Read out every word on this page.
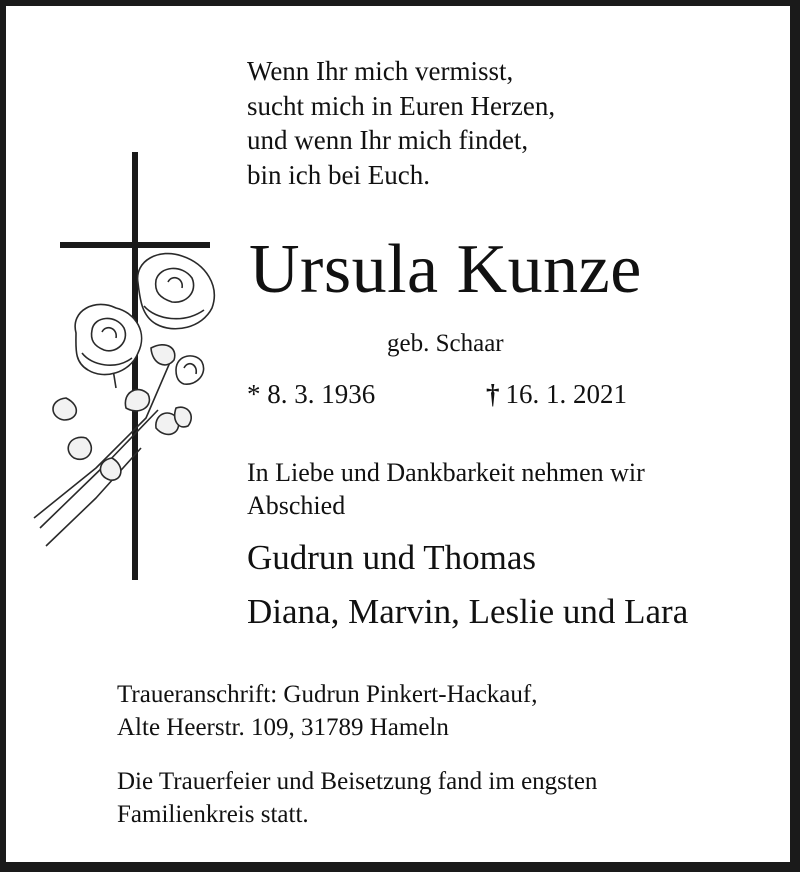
Wenn Ihr mich vermisst,
sucht mich in Euren Herzen,
und wenn Ihr mich findet,
bin ich bei Euch.
Ursula Kunze
geb. Schaar
* 8. 3. 1936	† 16. 1. 2021
In Liebe und Dankbarkeit nehmen wir
Abschied
Gudrun und Thomas
Diana, Marvin, Leslie und Lara
Traueranschrift: Gudrun Pinkert-Hackauf,
Alte Heerstr. 109, 31789 Hameln
Die Trauerfeier und Beisetzung fand im engsten
Familienkreis statt.
